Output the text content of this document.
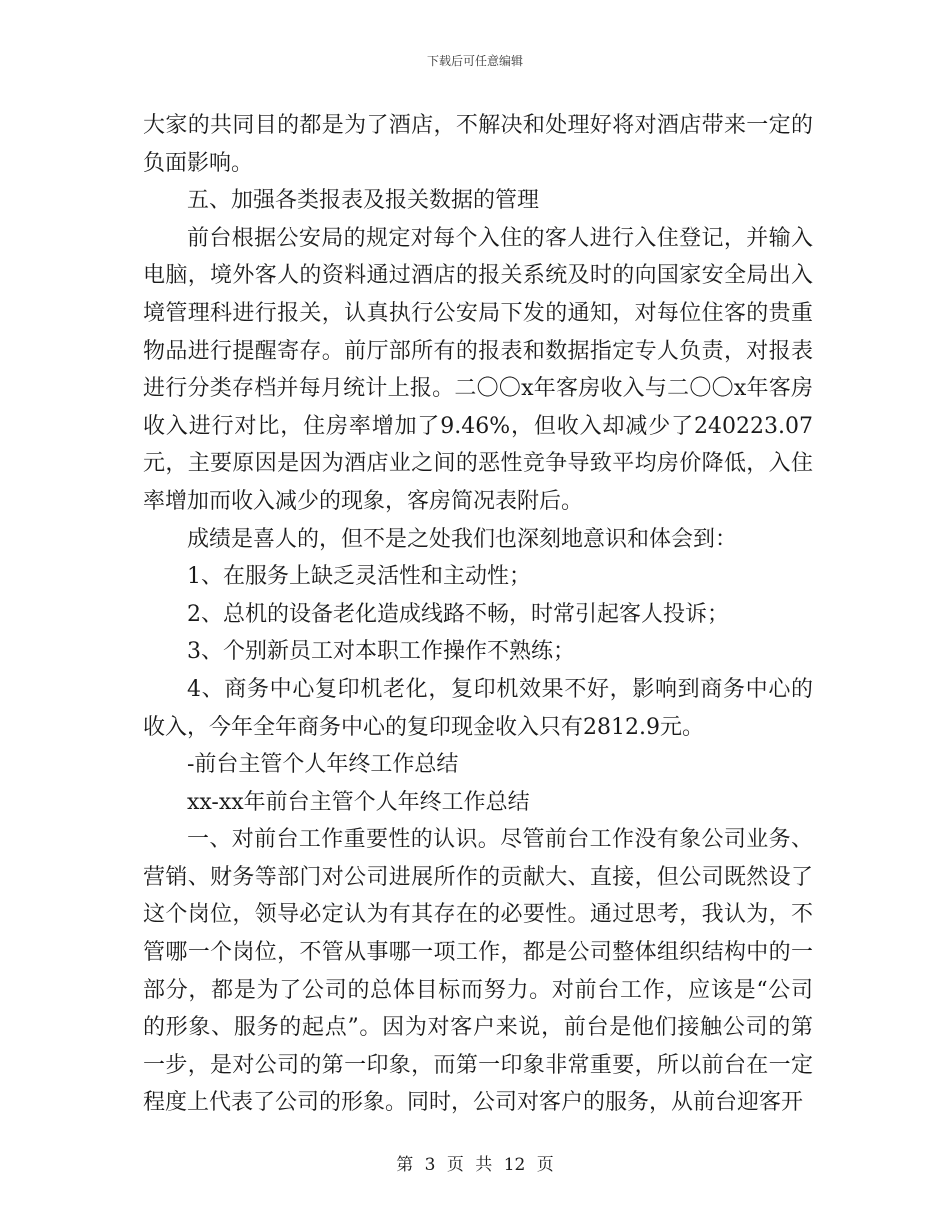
下载后可任意编辑

大家的共同目的都是为了酒店，不解决和处理好将对酒店带来一定的负面影响。

五、加强各类报表及报关数据的管理

前台根据公安局的规定对每个入住的客人进行入住登记，并输入电脑，境外客人的资料通过酒店的报关系统及时的向国家安全局出入境管理科进行报关，认真执行公安局下发的通知，对每位住客的贵重物品进行提醒寄存。前厅部所有的报表和数据指定专人负责，对报表进行分类存档并每月统计上报。二〇〇x年客房收入与二〇〇x年客房收入进行对比，住房率增加了9.46%，但收入却减少了240223.07元，主要原因是因为酒店业之间的恶性竞争导致平均房价降低，入住率增加而收入减少的现象，客房简况表附后。

成绩是喜人的，但不是之处我们也深刻地意识和体会到：

1、在服务上缺乏灵活性和主动性；

2、总机的设备老化造成线路不畅，时常引起客人投诉；

3、个别新员工对本职工作操作不熟练；

4、商务中心复印机老化，复印机效果不好，影响到商务中心的收入，今年全年商务中心的复印现金收入只有2812.9元。

-前台主管个人年终工作总结

xx-xx年前台主管个人年终工作总结

一、对前台工作重要性的认识。尽管前台工作没有象公司业务、营销、财务等部门对公司进展所作的贡献大、直接，但公司既然设了这个岗位，领导必定认为有其存在的必要性。通过思考，我认为，不管哪一个岗位，不管从事哪一项工作，都是公司整体组织结构中的一部分，都是为了公司的总体目标而努力。对前台工作，应该是“公司的形象、服务的起点”。因为对客户来说，前台是他们接触公司的第一步，是对公司的第一印象，而第一印象非常重要，所以前台在一定程度上代表了公司的形象。同时，公司对客户的服务，从前台迎客开

第 3 页 共 12 页
